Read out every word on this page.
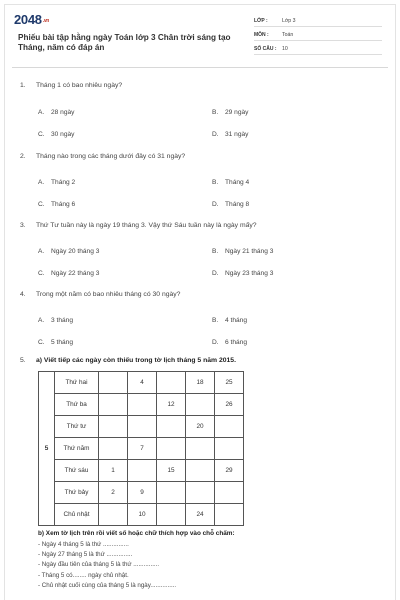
2048.vn
Phiếu bài tập hằng ngày Toán lớp 3 Chân trời sáng tạo Tháng, năm có đáp án
LỚP :	Lớp 3
MÔN :	Toán
SỐ CÂU :	10
1.	Tháng 1 có bao nhiêu ngày?
A. 28 ngày	B. 29 ngày
C. 30 ngày	D. 31 ngày
2.	Tháng nào trong các tháng dưới đây có 31 ngày?
A. Tháng 2	B. Tháng 4
C. Tháng 6	D. Tháng 8
3.	Thứ Tư tuần này là ngày 19 tháng 3. Vậy thứ Sáu tuần này là ngày mấy?
A. Ngày 20 tháng 3	B. Ngày 21 tháng 3
C. Ngày 22 tháng 3	D. Ngày 23 tháng 3
4.	Trong một năm có bao nhiêu tháng có 30 ngày?
A. 3 tháng	B. 4 tháng
C. 5 tháng	D. 6 tháng
5.	a) Viết tiếp các ngày còn thiếu trong tờ lịch tháng 5 năm 2015.
5	Thứ hai		4		18	25
	Thứ ba			12		26
	Thứ tư				20	
	Thứ năm		7			
	Thứ sáu	1		15		29
	Thứ bảy	2	9			
	Chủ nhật		10		24	
b) Xem tờ lịch trên rồi viết số hoặc chữ thích hợp vào chỗ chấm:
- Ngày 4 tháng 5 là thứ ...............
- Ngày 27 tháng 5 là thứ ...............
- Ngày đầu tiên của tháng 5 là thứ ...............
- Tháng 5 có........ ngày chủ nhật.
- Chủ nhật cuối cùng của tháng 5 là ngày...............
